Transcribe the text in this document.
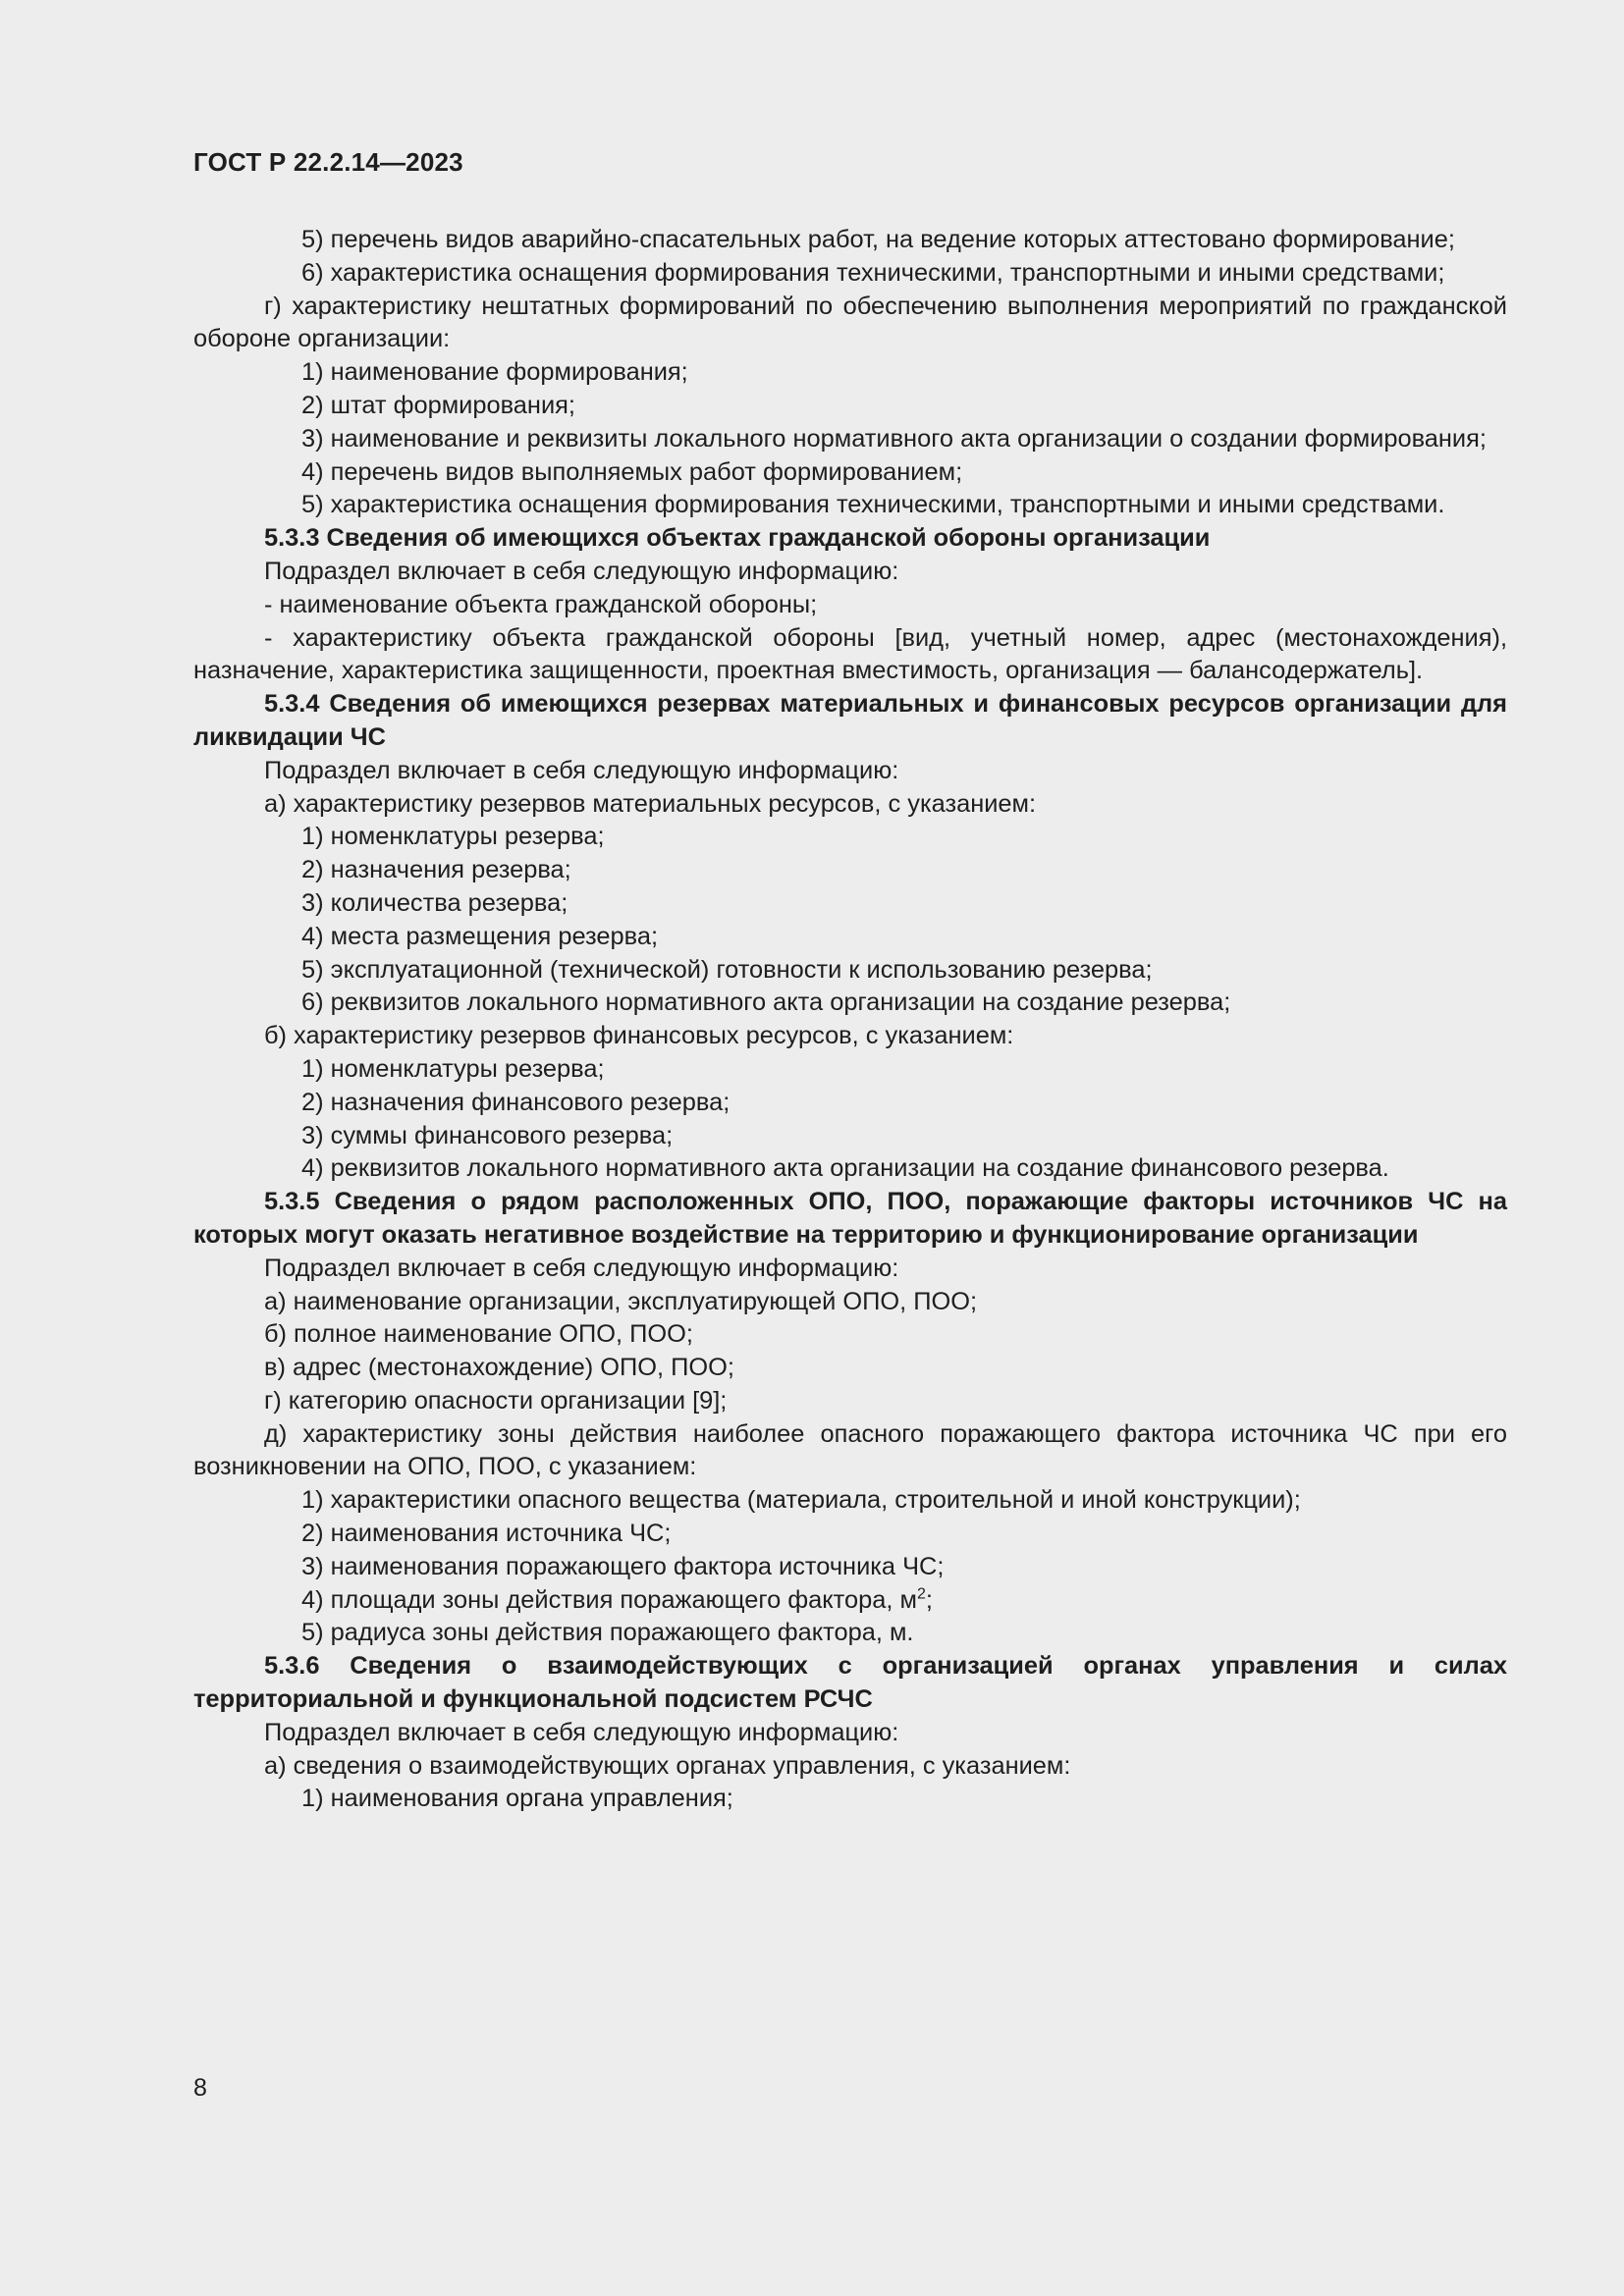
ГОСТ Р 22.2.14—2023
5) перечень видов аварийно-спасательных работ, на ведение которых аттестовано формирование;
6) характеристика оснащения формирования техническими, транспортными и иными средствами;
г) характеристику нештатных формирований по обеспечению выполнения мероприятий по гражданской обороне организации:
1) наименование формирования;
2) штат формирования;
3) наименование и реквизиты локального нормативного акта организации о создании формирования;
4) перечень видов выполняемых работ формированием;
5) характеристика оснащения формирования техническими, транспортными и иными средствами.
5.3.3 Сведения об имеющихся объектах гражданской обороны организации
Подраздел включает в себя следующую информацию:
- наименование объекта гражданской обороны;
- характеристику объекта гражданской обороны [вид, учетный номер, адрес (местонахождения), назначение, характеристика защищенности, проектная вместимость, организация — балансодержатель].
5.3.4 Сведения об имеющихся резервах материальных и финансовых ресурсов организации для ликвидации ЧС
Подраздел включает в себя следующую информацию:
а) характеристику резервов материальных ресурсов, с указанием:
1) номенклатуры резерва;
2) назначения резерва;
3) количества резерва;
4) места размещения резерва;
5) эксплуатационной (технической) готовности к использованию резерва;
6) реквизитов локального нормативного акта организации на создание резерва;
б) характеристику резервов финансовых ресурсов, с указанием:
1) номенклатуры резерва;
2) назначения финансового резерва;
3) суммы финансового резерва;
4) реквизитов локального нормативного акта организации на создание финансового резерва.
5.3.5 Сведения о рядом расположенных ОПО, ПОО, поражающие факторы источников ЧС на которых могут оказать негативное воздействие на территорию и функционирование организации
Подраздел включает в себя следующую информацию:
а) наименование организации, эксплуатирующей ОПО, ПОО;
б) полное наименование ОПО, ПОО;
в) адрес (местонахождение) ОПО, ПОО;
г) категорию опасности организации [9];
д) характеристику зоны действия наиболее опасного поражающего фактора источника ЧС при его возникновении на ОПО, ПОО, с указанием:
1) характеристики опасного вещества (материала, строительной и иной конструкции);
2) наименования источника ЧС;
3) наименования поражающего фактора источника ЧС;
4) площади зоны действия поражающего фактора, $м^2$;
5) радиуса зоны действия поражающего фактора, м.
5.3.6 Сведения о взаимодействующих с организацией органах управления и силах территориальной и функциональной подсистем РСЧС
Подраздел включает в себя следующую информацию:
а) сведения о взаимодействующих органах управления, с указанием:
1) наименования органа управления;
8
